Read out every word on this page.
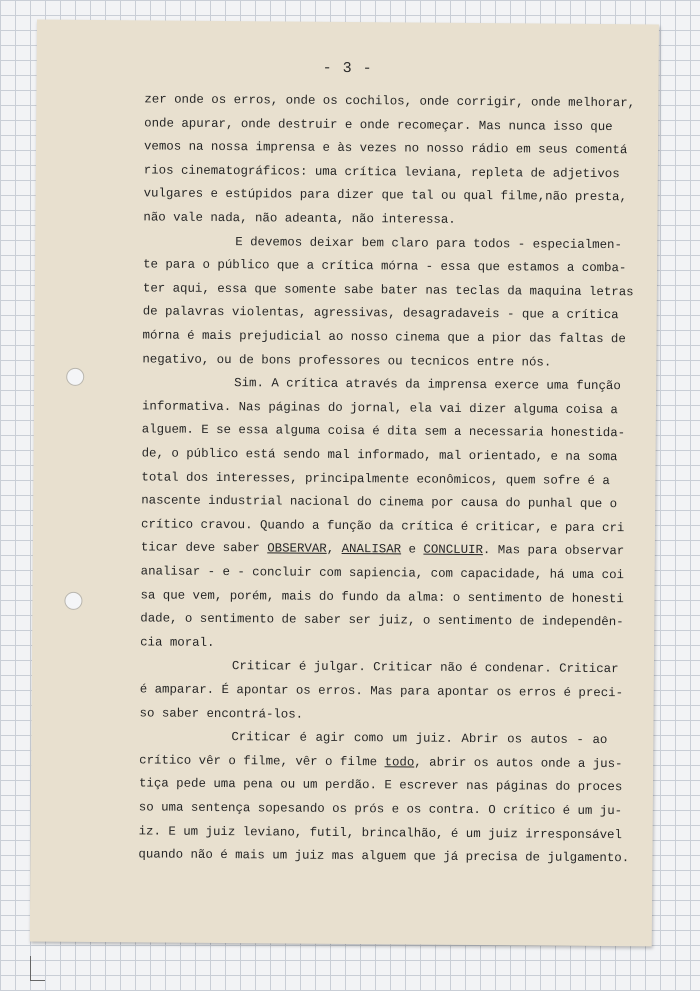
- 3 -
zer onde os erros, onde os cochilos, onde corrigir, onde melhorar,
onde apurar, onde destruir e onde recomeçar. Mas nunca isso que
vemos na nossa imprensa e às vezes no nosso rádio em seus comentá
rios cinematográficos: uma crítica leviana, repleta de adjetivos
vulgares e estúpidos para dizer que tal ou qual filme,não presta,
não vale nada, não adeanta, não interessa.
E devemos deixar bem claro para todos - especialmen-
te para o público que a crítica mórna - essa que estamos a comba-
ter aqui, essa que somente sabe bater nas teclas da maquina letras
de palavras violentas, agressivas, desagradaveis - que a crítica
mórna é mais prejudicial ao nosso cinema que a pior das faltas de
negativo, ou de bons professores ou tecnicos entre nós.
Sim. A crítica através da imprensa exerce uma função
informativa. Nas páginas do jornal, ela vai dizer alguma coisa a
alguem. E se essa alguma coisa é dita sem a necessaria honestida-
de, o público está sendo mal informado, mal orientado, e na soma
total dos interesses, principalmente econômicos, quem sofre é a
nascente industrial nacional do cinema por causa do punhal que o
crítico cravou. Quando a função da crítica é criticar, e para cri
ticar deve saber OBSERVAR, ANALISAR e CONCLUIR. Mas para observar
analisar - e - concluir com sapiencia, com capacidade, há uma coi
sa que vem, porém, mais do fundo da alma: o sentimento de honesti
dade, o sentimento de saber ser juiz, o sentimento de independên-
cia moral.
Criticar é julgar. Criticar não é condenar. Criticar
é amparar. É apontar os erros. Mas para apontar os erros é preci-
so saber encontrá-los.
Criticar é agir como um juiz. Abrir os autos - ao
crítico vêr o filme, vêr o filme todo, abrir os autos onde a jus-
tiça pede uma pena ou um perdão. E escrever nas páginas do proces
so uma sentença sopesando os prós e os contra. O crítico é um ju-
iz. E um juiz leviano, futil, brincalhão, é um juiz irresponsável
quando não é mais um juiz mas alguem que já precisa de julgamento.
